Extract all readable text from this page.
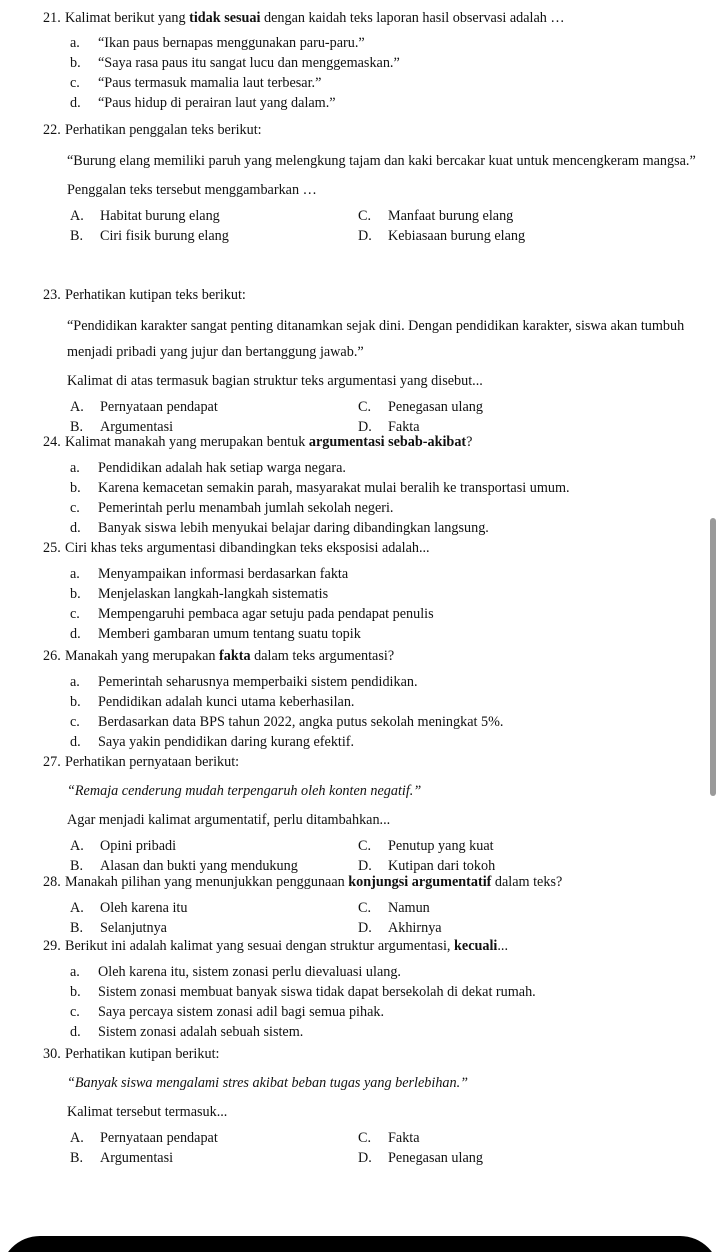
21. Kalimat berikut yang tidak sesuai dengan kaidah teks laporan hasil observasi adalah …
a. “Ikan paus bernapas menggunakan paru-paru.”
b. “Saya rasa paus itu sangat lucu dan menggemaskan.”
c. “Paus termasuk mamalia laut terbesar.”
d. “Paus hidup di perairan laut yang dalam.”
22. Perhatikan penggalan teks berikut:
“Burung elang memiliki paruh yang melengkung tajam dan kaki bercakar kuat untuk mencengkeram mangsa.”
Penggalan teks tersebut menggambarkan …
A. Habitat burung elang	C. Manfaat burung elang
B. Ciri fisik burung elang	D. Kebiasaan burung elang
23. Perhatikan kutipan teks berikut:
“Pendidikan karakter sangat penting ditanamkan sejak dini. Dengan pendidikan karakter, siswa akan tumbuh menjadi pribadi yang jujur dan bertanggung jawab.”
Kalimat di atas termasuk bagian struktur teks argumentasi yang disebut...
A. Pernyataan pendapat	C. Penegasan ulang
B. Argumentasi	D. Fakta
24. Kalimat manakah yang merupakan bentuk argumentasi sebab-akibat?
a. Pendidikan adalah hak setiap warga negara.
b. Karena kemacetan semakin parah, masyarakat mulai beralih ke transportasi umum.
c. Pemerintah perlu menambah jumlah sekolah negeri.
d. Banyak siswa lebih menyukai belajar daring dibandingkan langsung.
25. Ciri khas teks argumentasi dibandingkan teks eksposisi adalah...
a. Menyampaikan informasi berdasarkan fakta
b. Menjelaskan langkah-langkah sistematis
c. Mempengaruhi pembaca agar setuju pada pendapat penulis
d. Memberi gambaran umum tentang suatu topik
26. Manakah yang merupakan fakta dalam teks argumentasi?
a. Pemerintah seharusnya memperbaiki sistem pendidikan.
b. Pendidikan adalah kunci utama keberhasilan.
c. Berdasarkan data BPS tahun 2022, angka putus sekolah meningkat 5%.
d. Saya yakin pendidikan daring kurang efektif.
27. Perhatikan pernyataan berikut:
“Remaja cenderung mudah terpengaruh oleh konten negatif.”
Agar menjadi kalimat argumentatif, perlu ditambahkan...
A. Opini pribadi	C. Penutup yang kuat
B. Alasan dan bukti yang mendukung	D. Kutipan dari tokoh
28. Manakah pilihan yang menunjukkan penggunaan konjungsi argumentatif dalam teks?
A. Oleh karena itu	C. Namun
B. Selanjutnya	D. Akhirnya
29. Berikut ini adalah kalimat yang sesuai dengan struktur argumentasi, kecuali...
a. Oleh karena itu, sistem zonasi perlu dievaluasi ulang.
b. Sistem zonasi membuat banyak siswa tidak dapat bersekolah di dekat rumah.
c. Saya percaya sistem zonasi adil bagi semua pihak.
d. Sistem zonasi adalah sebuah sistem.
30. Perhatikan kutipan berikut:
“Banyak siswa mengalami stres akibat beban tugas yang berlebihan.”
Kalimat tersebut termasuk...
A. Pernyataan pendapat	C. Fakta
B. Argumentasi	D. Penegasan ulang
